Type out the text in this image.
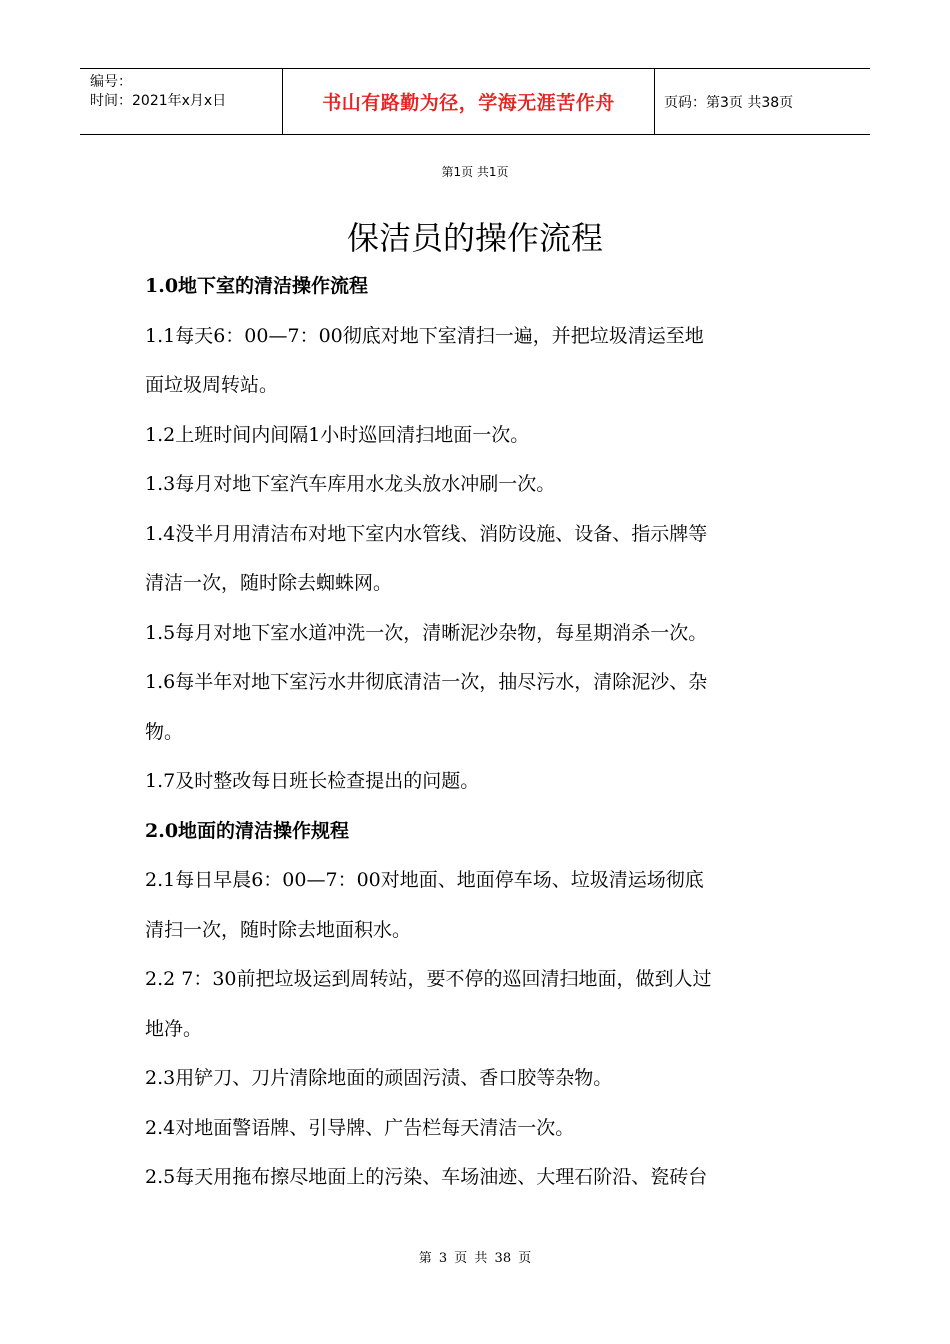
编号：
时间：2021年x月x日	书山有路勤为径，学海无涯苦作舟	页码：第3页 共38页
第1页 共1页
保洁员的操作流程

1.0地下室的清洁操作流程

1.1每天6：00—7：00彻底对地下室清扫一遍，并把垃圾清运至地

面垃圾周转站。

1.2上班时间内间隔1小时巡回清扫地面一次。

1.3每月对地下室汽车库用水龙头放水冲刷一次。

1.4没半月用清洁布对地下室内水管线、消防设施、设备、指示牌等

清洁一次，随时除去蜘蛛网。

1.5每月对地下室水道冲洗一次，清晰泥沙杂物，每星期消杀一次。

1.6每半年对地下室污水井彻底清洁一次，抽尽污水，清除泥沙、杂

物。

1.7及时整改每日班长检查提出的问题。

2.0地面的清洁操作规程

2.1每日早晨6：00—7：00对地面、地面停车场、垃圾清运场彻底

清扫一次，随时除去地面积水。

2.2 7：30前把垃圾运到周转站，要不停的巡回清扫地面，做到人过

地净。

2.3用铲刀、刀片清除地面的顽固污渍、香口胶等杂物。

2.4对地面警语牌、引导牌、广告栏每天清洁一次。

2.5每天用拖布擦尽地面上的污染、车场油迹、大理石阶沿、瓷砖台

第 3 页 共 38 页
